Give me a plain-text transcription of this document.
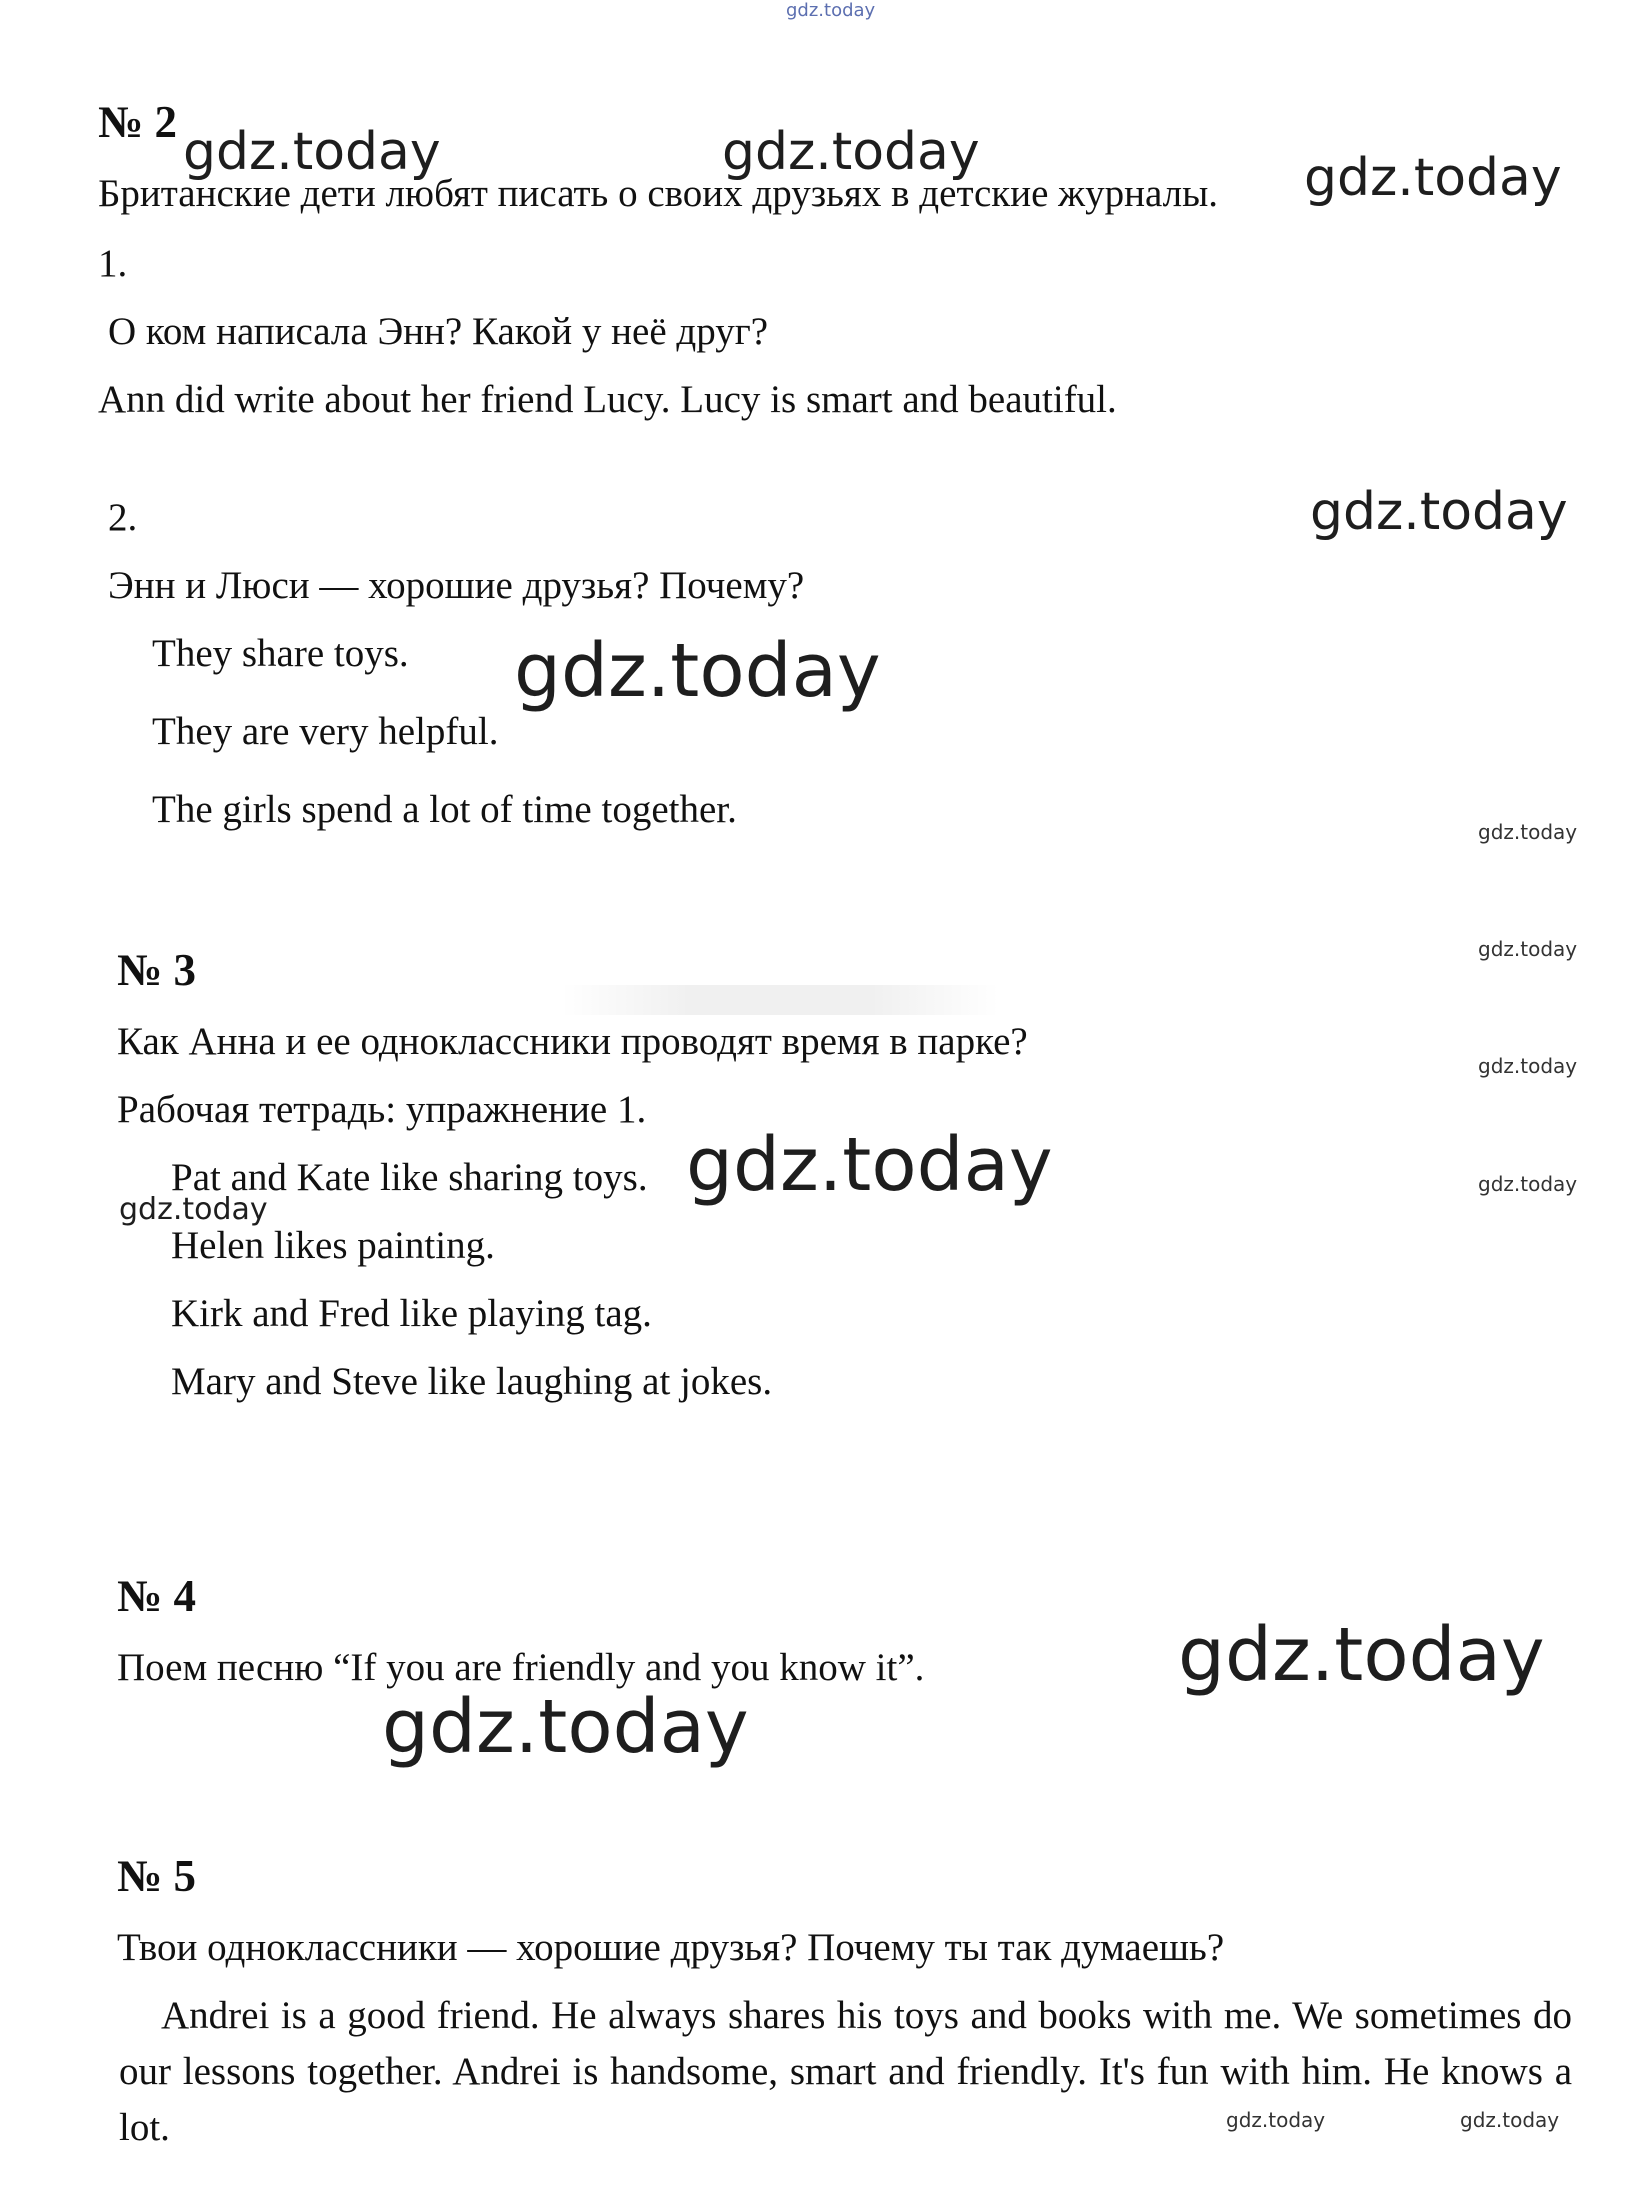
gdz.today
№ 2
Британские дети любят писать о своих друзьях в детские журналы.
1.
О ком написала Энн? Какой у неё друг?
Ann did write about her friend Lucy. Lucy is smart and beautiful.
2.
Энн и Люси — хорошие друзья? Почему?
They share toys.
They are very helpful.
The girls spend a lot of time together.
№ 3
Как Анна и ее одноклассники проводят время в парке?
Рабочая тетрадь: упражнение 1.
Pat and Kate like sharing toys.
Helen likes painting.
Kirk and Fred like playing tag.
Mary and Steve like laughing at jokes.
№ 4
Поем песню “If you are friendly and you know it”.
№ 5
Твои одноклассники — хорошие друзья? Почему ты так думаешь?
Andrei is a good friend. He always shares his toys and books with me. We sometimes do our lessons together. Andrei is handsome, smart and friendly. It's fun with him. He knows a lot.
gdz.today	gdz.today	gdz.today
gdz.today
gdz.today
gdz.today
gdz.today
gdz.today
gdz.today
gdz.today
gdz.today
gdz.today
gdz.today
gdz.today	gdz.today
